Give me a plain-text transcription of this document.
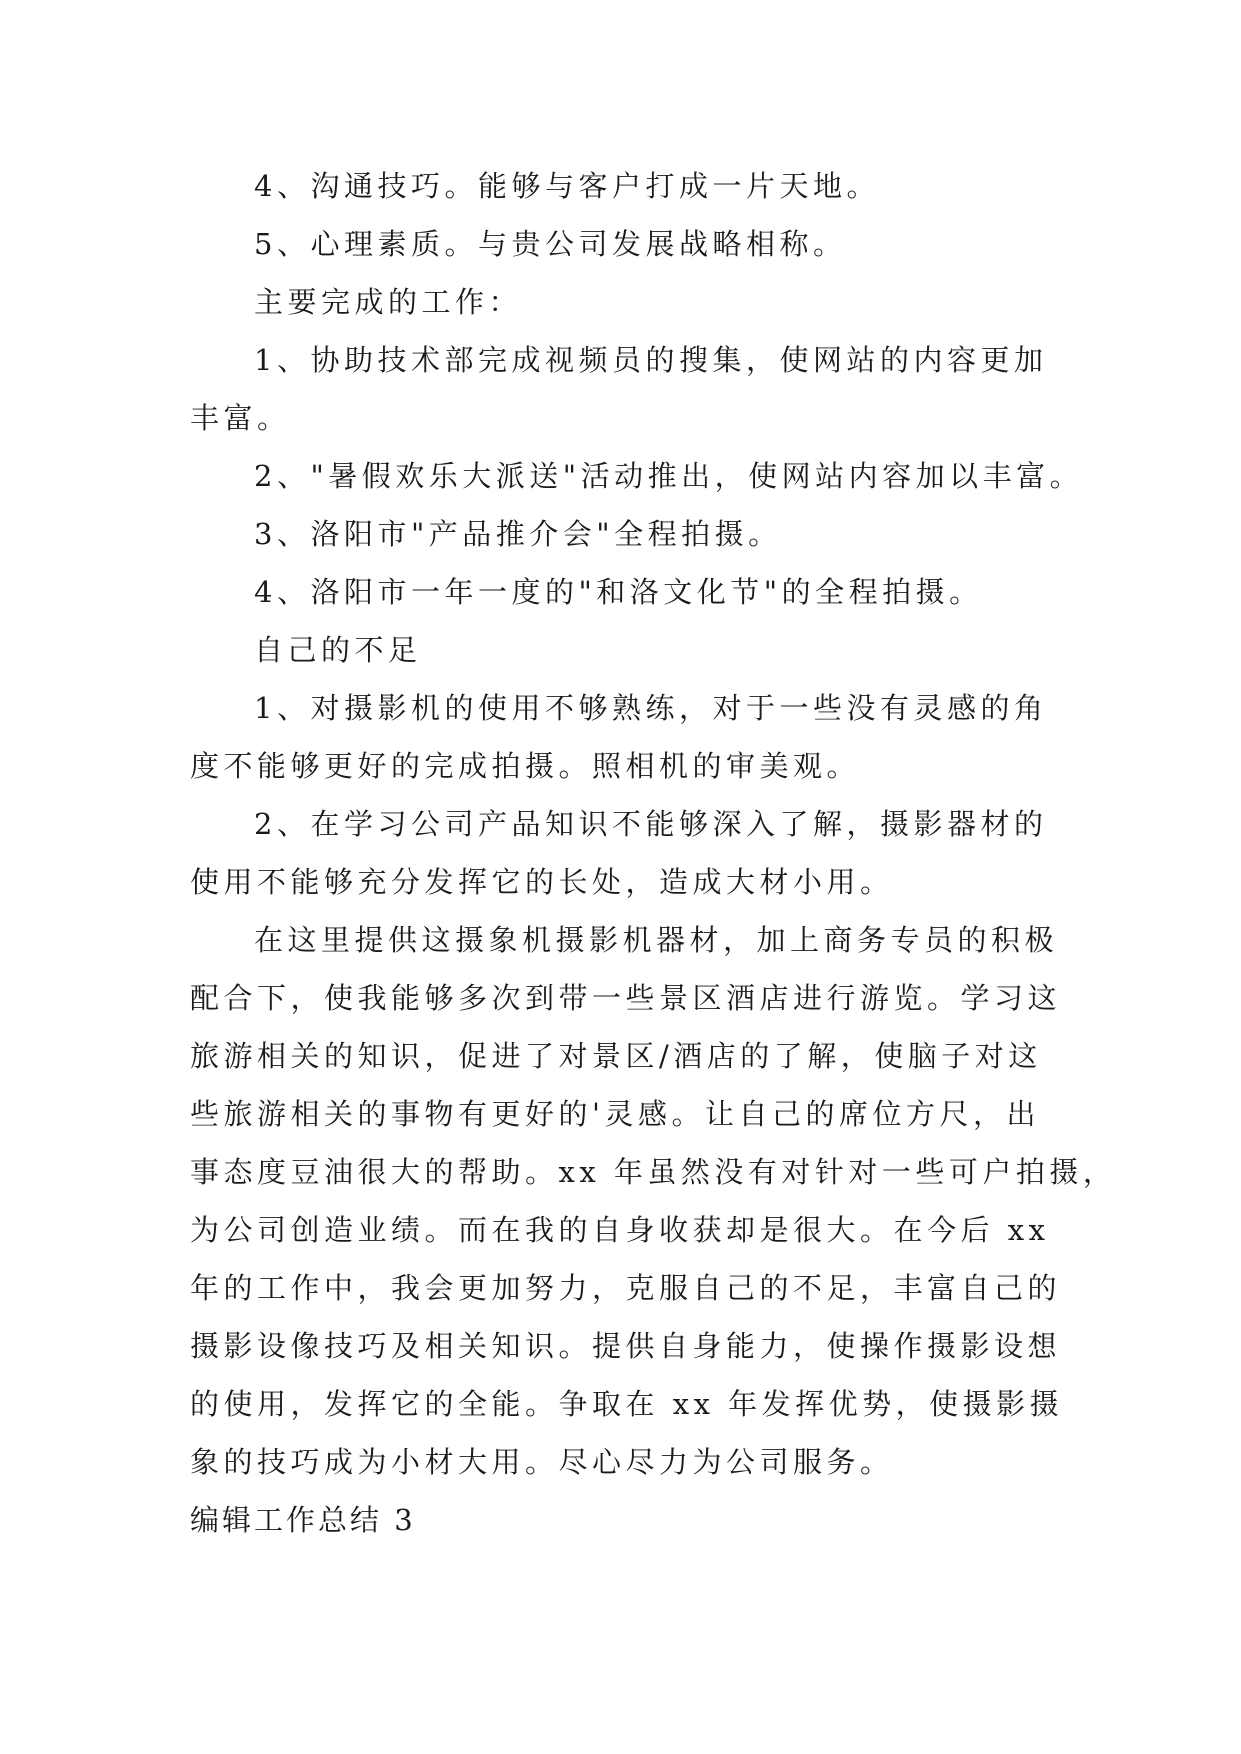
4、沟通技巧。能够与客户打成一片天地。
5、心理素质。与贵公司发展战略相称。
主要完成的工作：
1、协助技术部完成视频员的搜集，使网站的内容更加
丰富。
2、"暑假欢乐大派送"活动推出，使网站内容加以丰富。
3、洛阳市"产品推介会"全程拍摄。
4、洛阳市一年一度的"和洛文化节"的全程拍摄。
自己的不足
1、对摄影机的使用不够熟练，对于一些没有灵感的角
度不能够更好的完成拍摄。照相机的审美观。
2、在学习公司产品知识不能够深入了解，摄影器材的
使用不能够充分发挥它的长处，造成大材小用。
在这里提供这摄象机摄影机器材，加上商务专员的积极
配合下，使我能够多次到带一些景区酒店进行游览。学习这
旅游相关的知识，促进了对景区/酒店的了解，使脑子对这
些旅游相关的事物有更好的'灵感。让自己的席位方尺，出
事态度豆油很大的帮助。xx 年虽然没有对针对一些可户拍摄，
为公司创造业绩。而在我的自身收获却是很大。在今后 xx
年的工作中，我会更加努力，克服自己的不足，丰富自己的
摄影设像技巧及相关知识。提供自身能力，使操作摄影设想
的使用，发挥它的全能。争取在 xx 年发挥优势，使摄影摄
象的技巧成为小材大用。尽心尽力为公司服务。
编辑工作总结 3
